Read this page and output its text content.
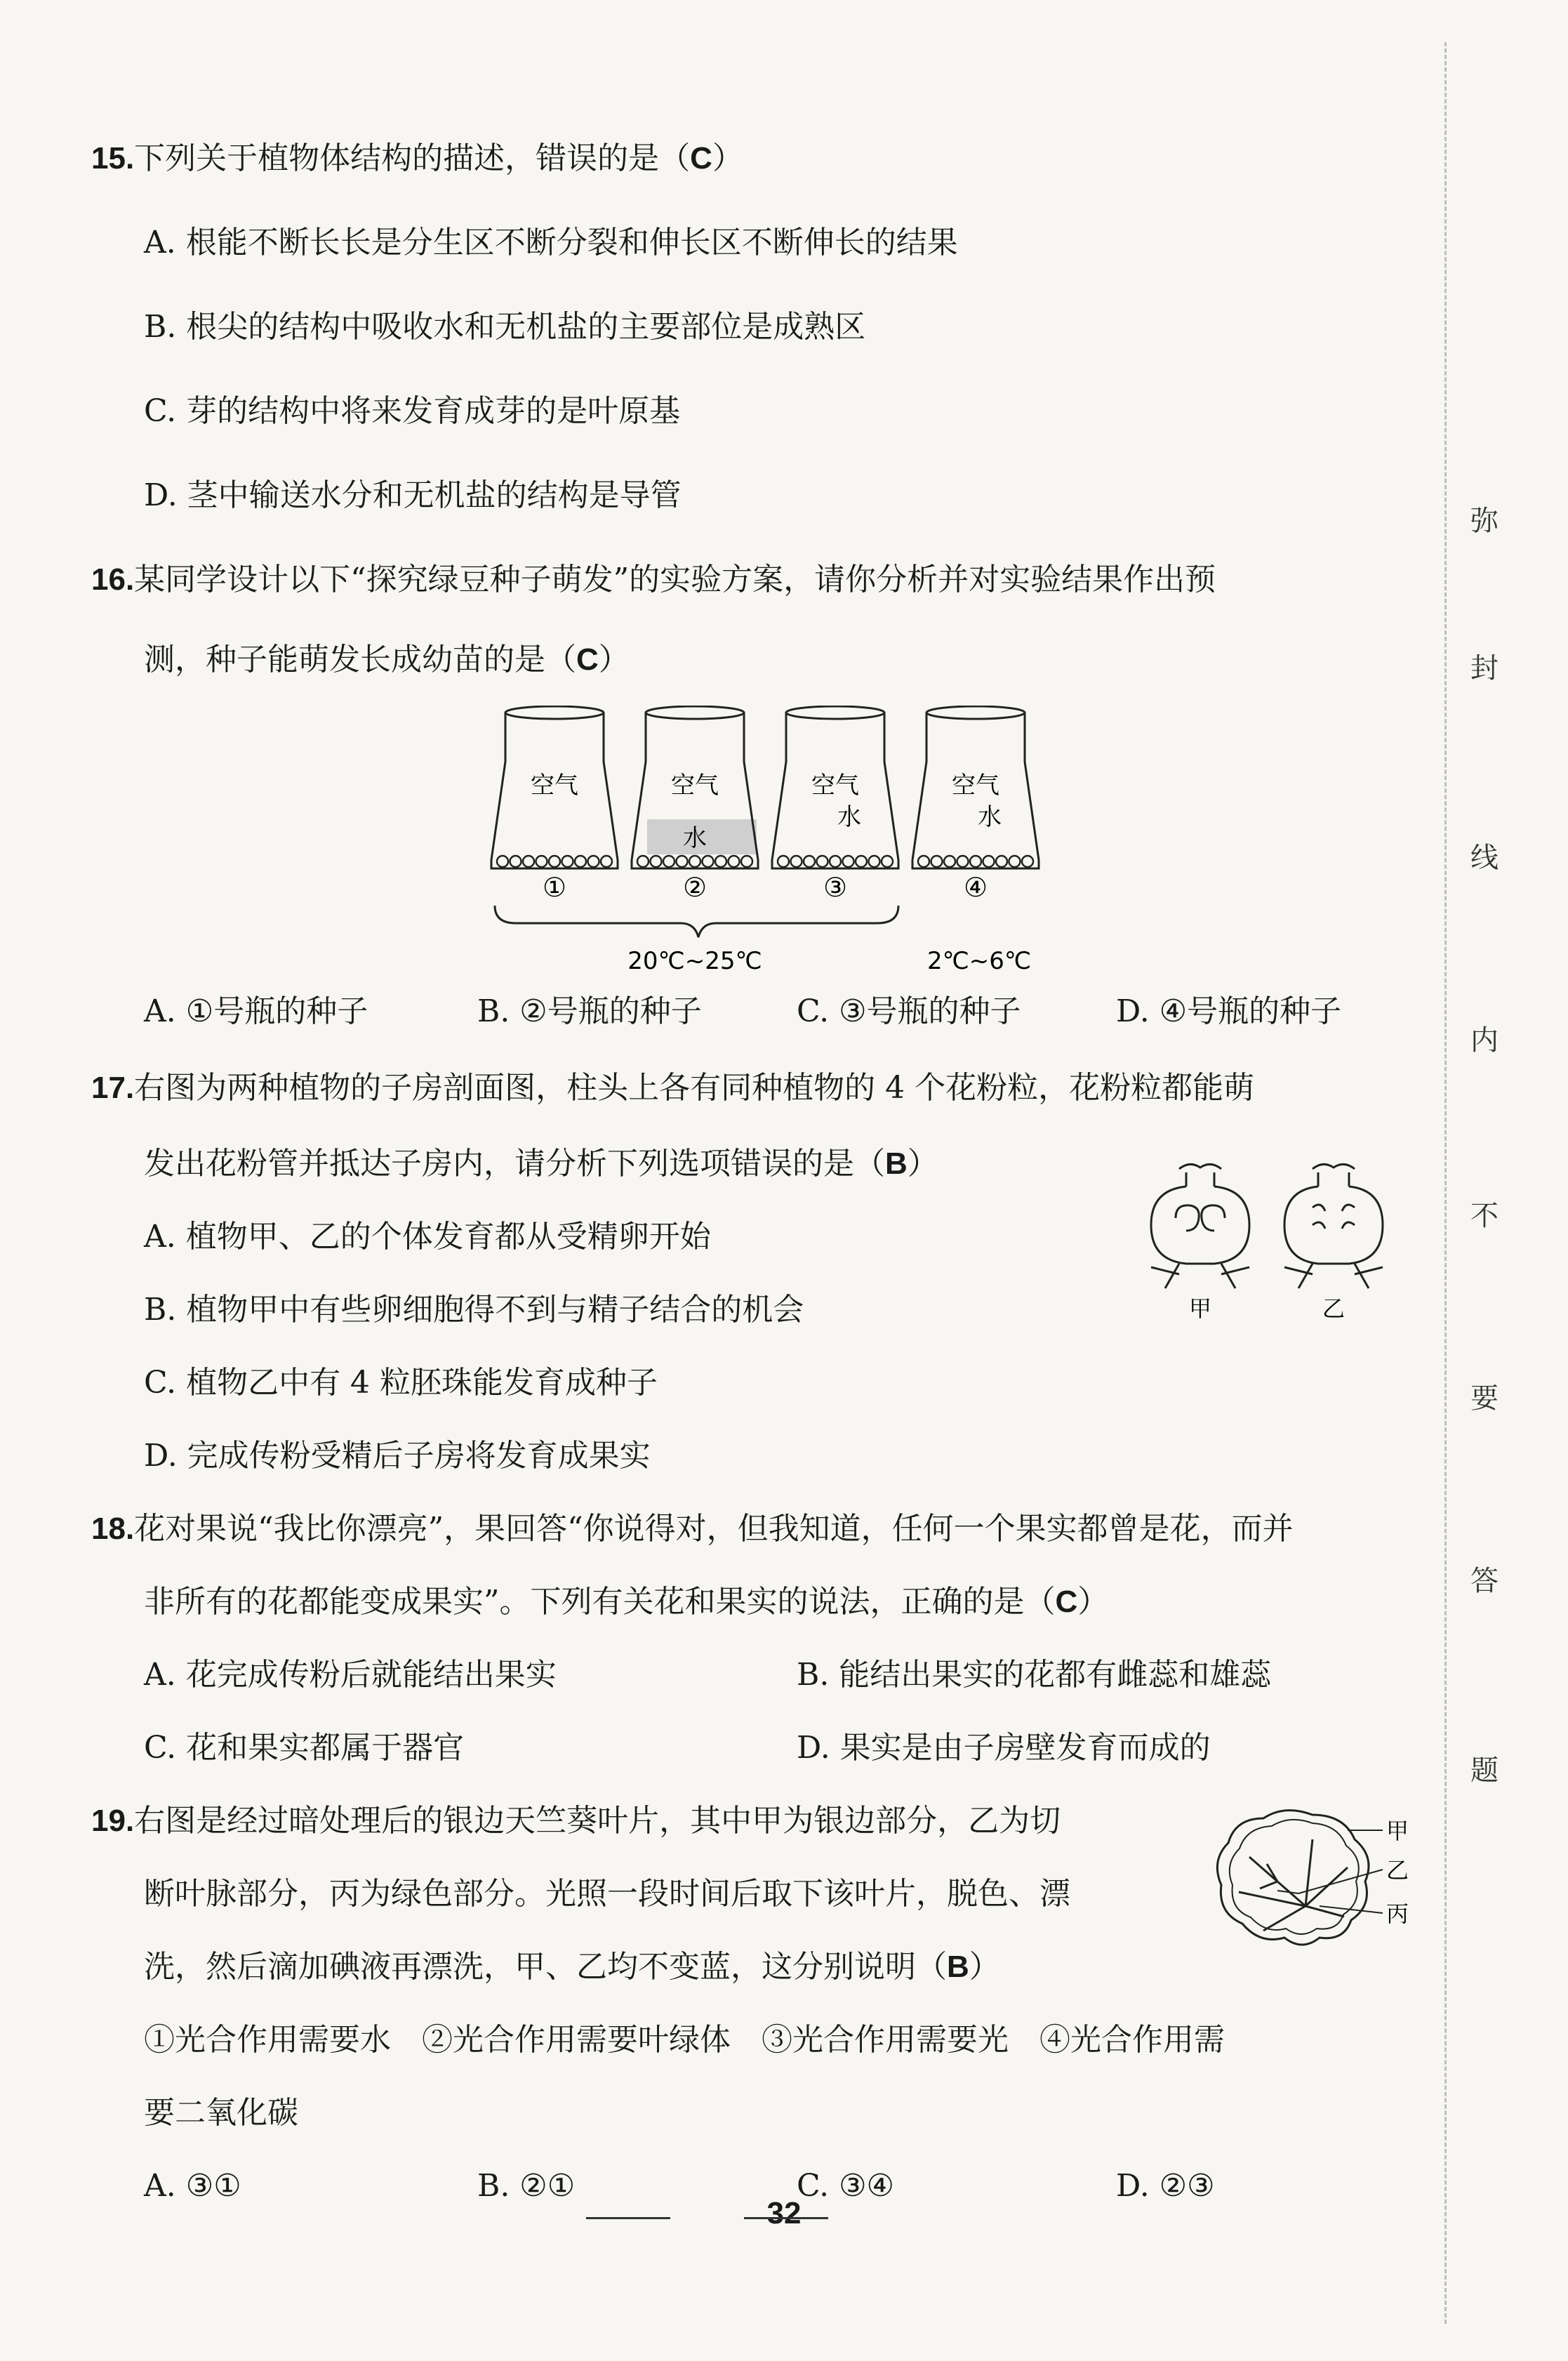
15.下列关于植物体结构的描述，错误的是（C）
A. 根能不断长长是分生区不断分裂和伸长区不断伸长的结果
B. 根尖的结构中吸收水和无机盐的主要部位是成熟区
C. 芽的结构中将来发育成芽的是叶原基
D. 茎中输送水分和无机盐的结构是导管
16.某同学设计以下“探究绿豆种子萌发”的实验方案，请你分析并对实验结果作出预
测，种子能萌发长成幼苗的是（C）
空气	空气
水
空气
水
空气
水
①	②	③	④
20℃~25℃	2℃~6℃
A. ①号瓶的种子	B. ②号瓶的种子	C. ③号瓶的种子	D. ④号瓶的种子
17.右图为两种植物的子房剖面图，柱头上各有同种植物的 4 个花粉粒，花粉粒都能萌
发出花粉管并抵达子房内，请分析下列选项错误的是（B）
甲	乙
A. 植物甲、乙的个体发育都从受精卵开始
B. 植物甲中有些卵细胞得不到与精子结合的机会
C. 植物乙中有 4 粒胚珠能发育成种子
D. 完成传粉受精后子房将发育成果实
18.花对果说“我比你漂亮”，果回答“你说得对，但我知道，任何一个果实都曾是花，而并
非所有的花都能变成果实”。下列有关花和果实的说法，正确的是（C）
A. 花完成传粉后就能结出果实	B. 能结出果实的花都有雌蕊和雄蕊
C. 花和果实都属于器官	D. 果实是由子房壁发育而成的
19.右图是经过暗处理后的银边天竺葵叶片，其中甲为银边部分，乙为切
断叶脉部分，丙为绿色部分。光照一段时间后取下该叶片，脱色、漂
洗，然后滴加碘液再漂洗，甲、乙均不变蓝，这分别说明（B）
甲
乙
丙
①光合作用需要水　②光合作用需要叶绿体　③光合作用需要光　④光合作用需
要二氧化碳
A. ③①	B. ②①	C. ③④	D. ②③
弥
封
线
内
不
要
答
题
32
